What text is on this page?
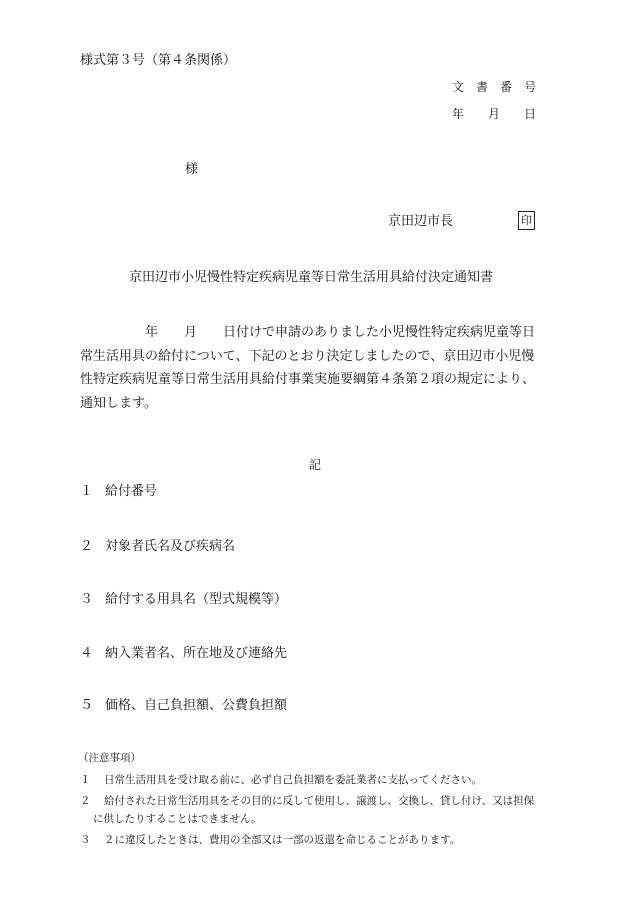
様式第３号（第４条関係）
文　書　番　号
年　　月　　日
様
京田辺市長	印
京田辺市小児慢性特定疾病児童等日常生活用具給付決定通知書
　　　　　年　　月　　日付けで申請のありました小児慢性特定疾病児童等日
常生活用具の給付について、下記のとおり決定しましたので、京田辺市小児慢
性特定疾病児童等日常生活用具給付事業実施要綱第４条第２項の規定により、
通知します。
記
１ 給付番号
２ 対象者氏名及び疾病名
３ 給付する用具名（型式規模等）
４ 納入業者名、所在地及び連絡先
５ 価格、自己負担額、公費負担額
（注意事項）
１ 日常生活用具を受け取る前に、必ず自己負担額を委託業者に支払ってください。
２ 給付された日常生活用具をその目的に反して使用し、譲渡し、交換し、貸し付け、又は担保
に供したりすることはできません。
３ ２に違反したときは、費用の全部又は一部の返還を命じることがあります。
